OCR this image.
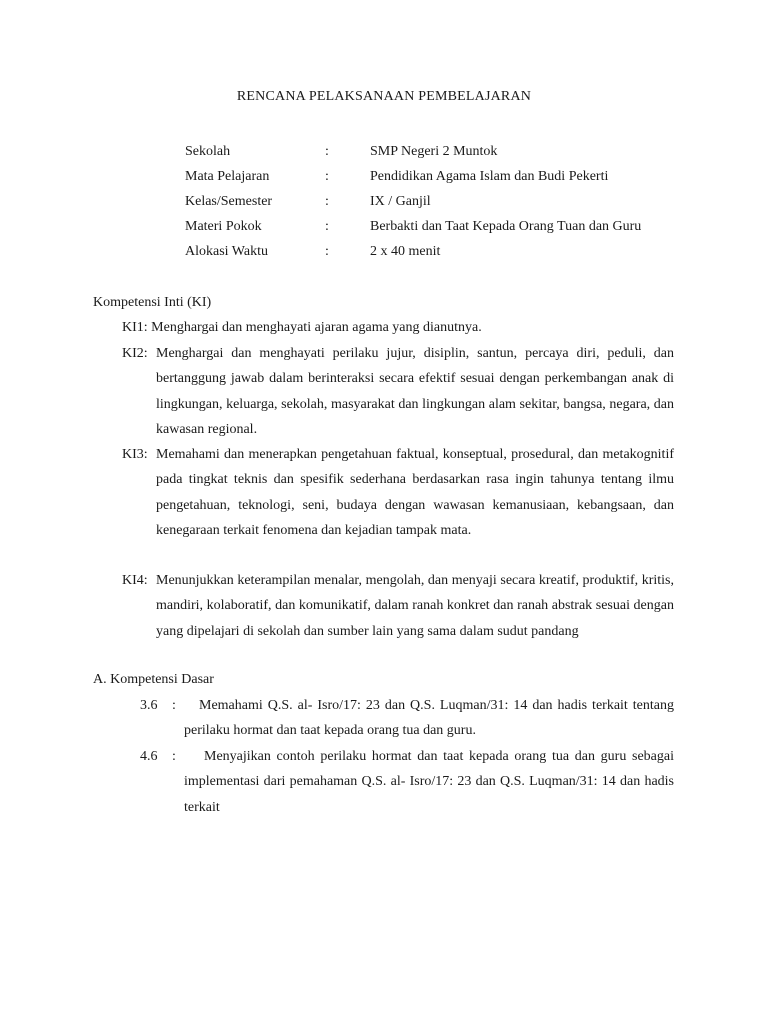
RENCANA PELAKSANAAN PEMBELAJARAN
Sekolah	:	SMP Negeri 2 Muntok
Mata Pelajaran	:	Pendidikan Agama Islam dan Budi Pekerti
Kelas/Semester	:	IX / Ganjil
Materi Pokok	:	Berbakti dan Taat Kepada Orang Tuan dan Guru
Alokasi Waktu	:	2 x 40 menit
Kompetensi Inti (KI)

KI1: Menghargai dan menghayati ajaran agama yang dianutnya.

KI2: Menghargai dan menghayati perilaku jujur, disiplin, santun, percaya diri, peduli, dan bertanggung jawab dalam berinteraksi secara efektif sesuai dengan perkembangan anak di lingkungan, keluarga, sekolah, masyarakat dan lingkungan alam sekitar, bangsa, negara, dan kawasan regional.

KI3: Memahami dan menerapkan pengetahuan faktual, konseptual, prosedural, dan metakognitif pada tingkat teknis dan spesifik sederhana berdasarkan rasa ingin tahunya tentang ilmu pengetahuan, teknologi, seni, budaya dengan wawasan kemanusiaan, kebangsaan, dan kenegaraan terkait fenomena dan kejadian tampak mata.

KI4: Menunjukkan keterampilan menalar, mengolah, dan menyaji secara kreatif, produktif, kritis, mandiri, kolaboratif, dan komunikatif, dalam ranah konkret dan ranah abstrak sesuai dengan yang dipelajari di sekolah dan sumber lain yang sama dalam sudut pandang

A. Kompetensi Dasar
3.6 :	Memahami Q.S. al- Isro/17: 23 dan Q.S. Luqman/31: 14 dan hadis terkait tentang perilaku hormat dan taat kepada orang tua dan guru.

4.6 :	Menyajikan contoh perilaku hormat dan taat kepada orang tua dan guru sebagai implementasi dari pemahaman Q.S. al- Isro/17: 23 dan Q.S. Luqman/31: 14 dan hadis terkait
